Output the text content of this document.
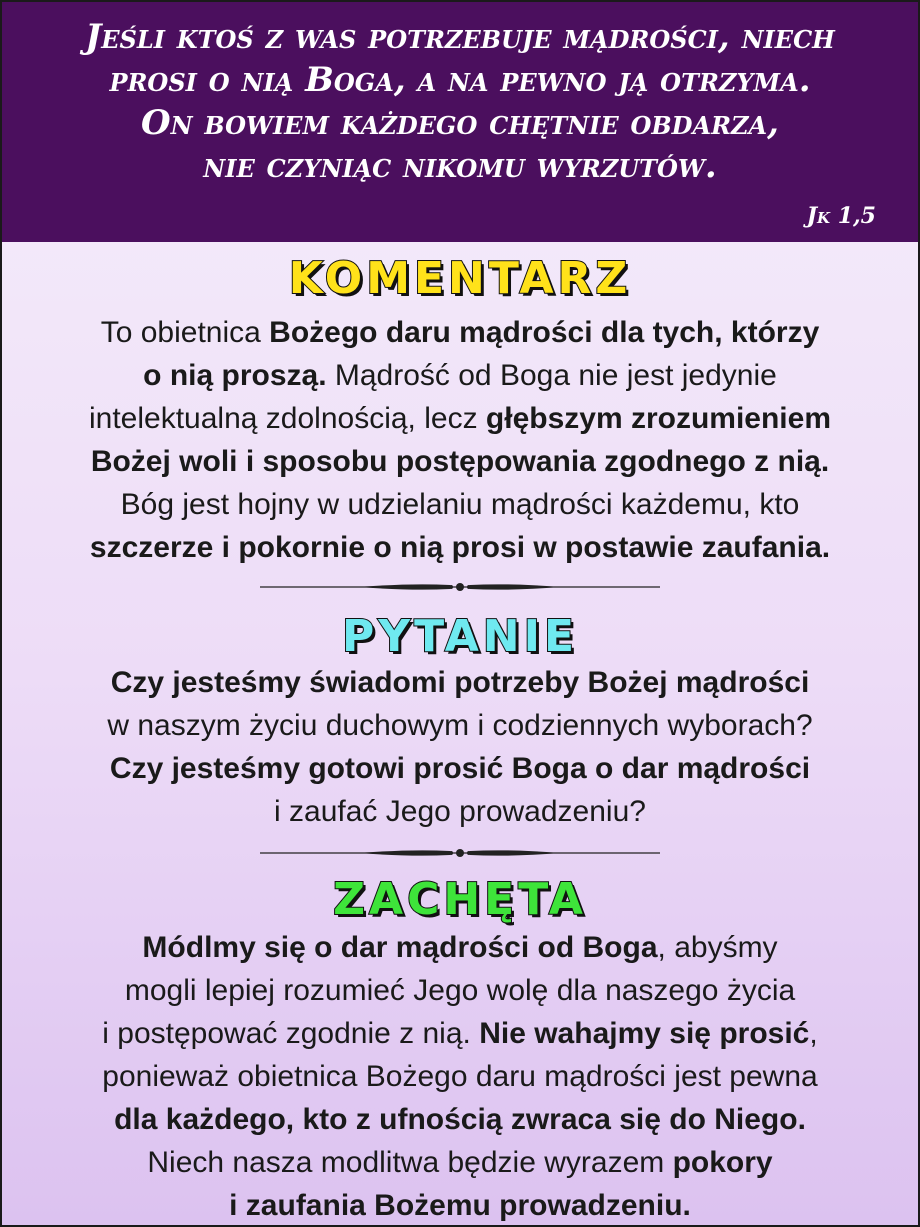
Jeśli ktoś z was potrzebuje mądrości, niech
prosi o nią Boga, a na pewno ją otrzyma.
On bowiem każdego chętnie obdarza,
nie czyniąc nikomu wyrzutów.
Jk 1,5
KOMENTARZ
To obietnica Bożego daru mądrości dla tych, którzy
o nią proszą. Mądrość od Boga nie jest jedynie
intelektualną zdolnością, lecz głębszym zrozumieniem
Bożej woli i sposobu postępowania zgodnego z nią.
Bóg jest hojny w udzielaniu mądrości każdemu, kto
szczerze i pokornie o nią prosi w postawie zaufania.
PYTANIE
Czy jesteśmy świadomi potrzeby Bożej mądrości
w naszym życiu duchowym i codziennych wyborach?
Czy jesteśmy gotowi prosić Boga o dar mądrości
i zaufać Jego prowadzeniu?
ZACHĘTA
Módlmy się o dar mądrości od Boga, abyśmy
mogli lepiej rozumieć Jego wolę dla naszego życia
i postępować zgodnie z nią. Nie wahajmy się prosić,
ponieważ obietnica Bożego daru mądrości jest pewna
dla każdego, kto z ufnością zwraca się do Niego.
Niech nasza modlitwa będzie wyrazem pokory
i zaufania Bożemu prowadzeniu.
